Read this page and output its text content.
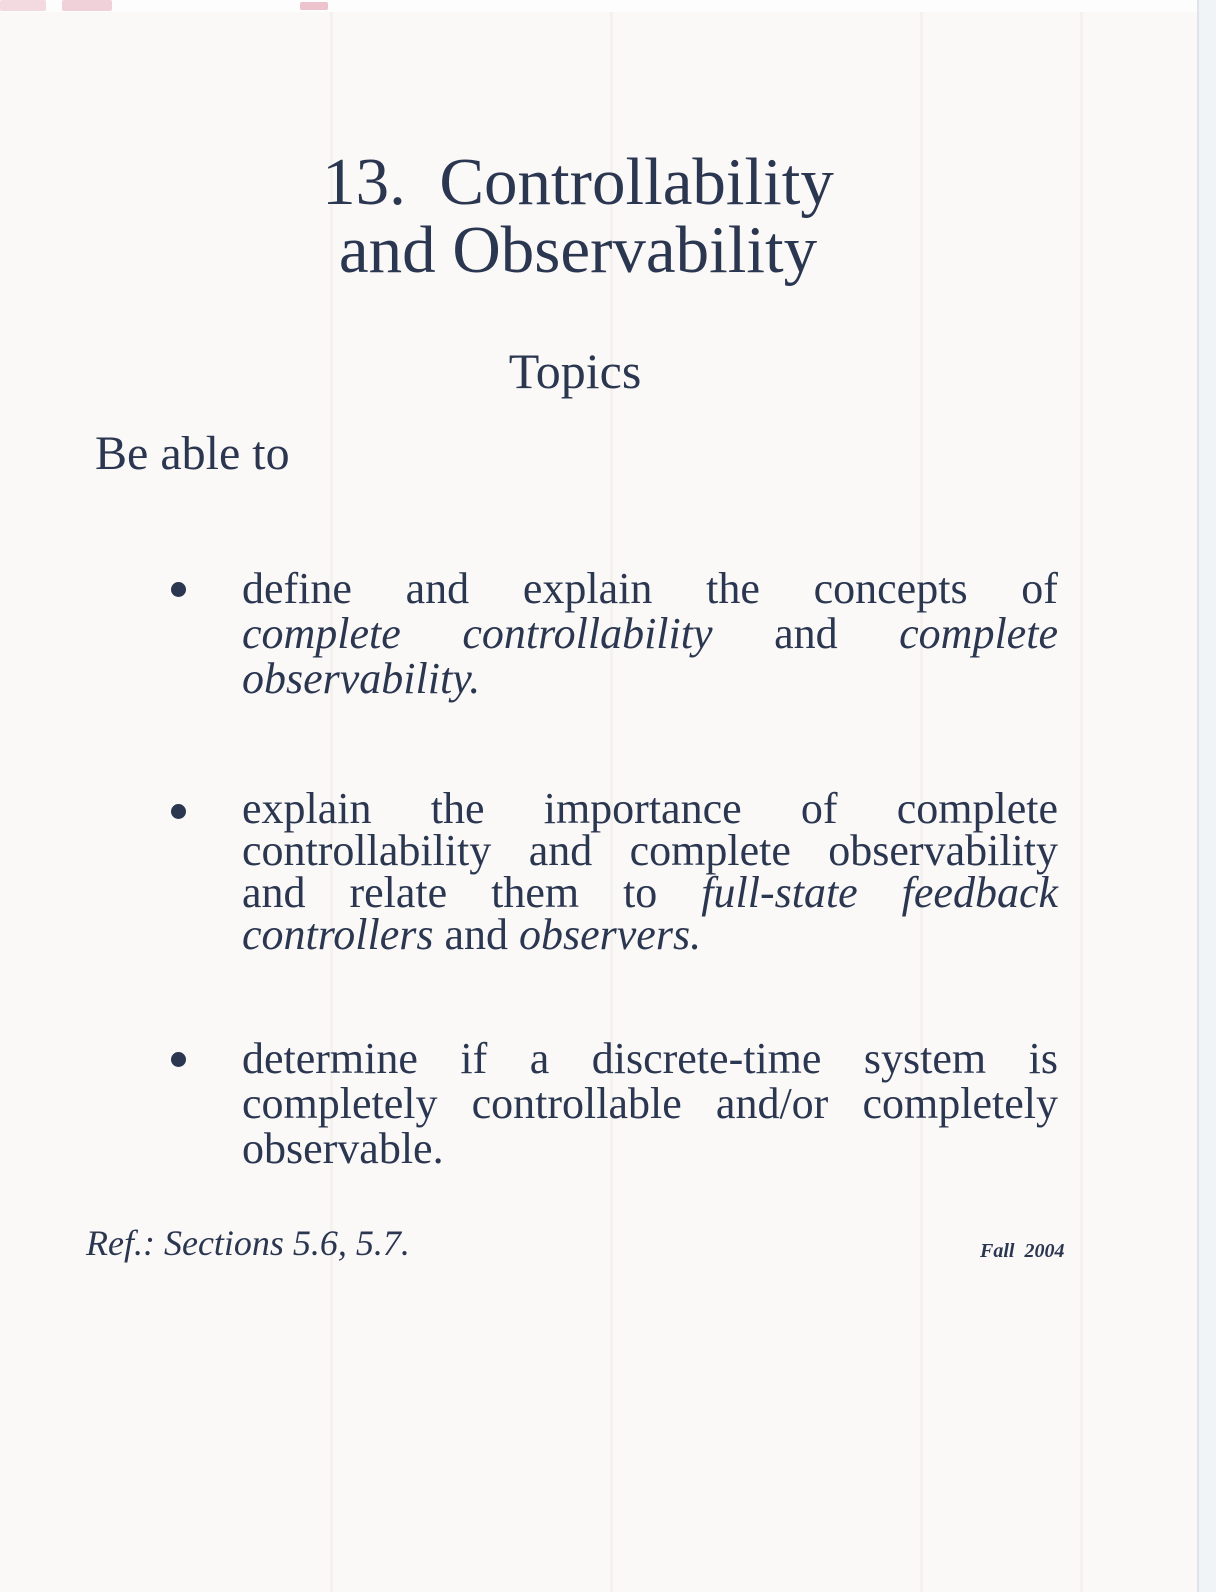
13.  Controllability
and Observability
Topics
Be able to
define and explain the concepts of
complete controllability and complete
observability.
explain the importance of complete
controllability and complete observability
and relate them to full-state feedback
controllers and observers.
determine if a discrete-time system is
completely controllable and/or completely
observable.
Ref.: Sections 5.6, 5.7.	Fall  2004
